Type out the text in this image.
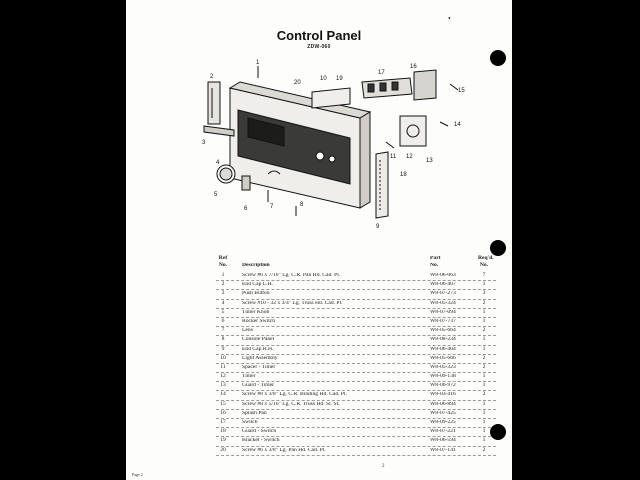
•
Control Panel
ZDW-060
1
2
3
4
5
6	7	8
9
10
11 12
13
14
15
16
17
18
19
20
Ref
No.	Description
Part
No.
Req'd.
No.
1	Screw #6 x 7/16" Lg. C.R. Pan Hd. Cad. Pl.	W8-06-063	7
2	End Cap L.H.	W8-06-407	1
3	Push Button	W8-07-273	3
4	Screw #10 - 32 x 3/4" Lg. Truss Hd. Cad. Pl.	W8-05-324	2
5	Timer Knob	W8-07-094	1
6	Rocker Switch	W8-07-737	1
7	Lens	W8-05-664	2
8	Console Panel	W8-08-234	1
9	End Cap R.H.	W8-06-404	1
10	Light Assembly	W8-05-666	2
11	Spacer - Timer	W8-05-323	2
12	Timer	W8-09-138	1
13	Guard - Timer	W8-06-972	1
14	Screw #8 x 3/8" Lg. C.R. Binding Hd. Cad. Pl.	W8-03-416	2
15	Screw #8 x 5/16" Lg. C.R. Truss Hd. Sl. St.	W8-06-894	1
16	Splash Pan	W8-07-425	1
17	Switch	W8-09-225	1
18	Guard - Switch	W8-07-221	1
19	Bracket - Switch	W8-06-594	1
20	Screw #6 x 3/8" Lg. Pan Hd. Cad. Pl.	W8-07-141	2
Page 2
2
